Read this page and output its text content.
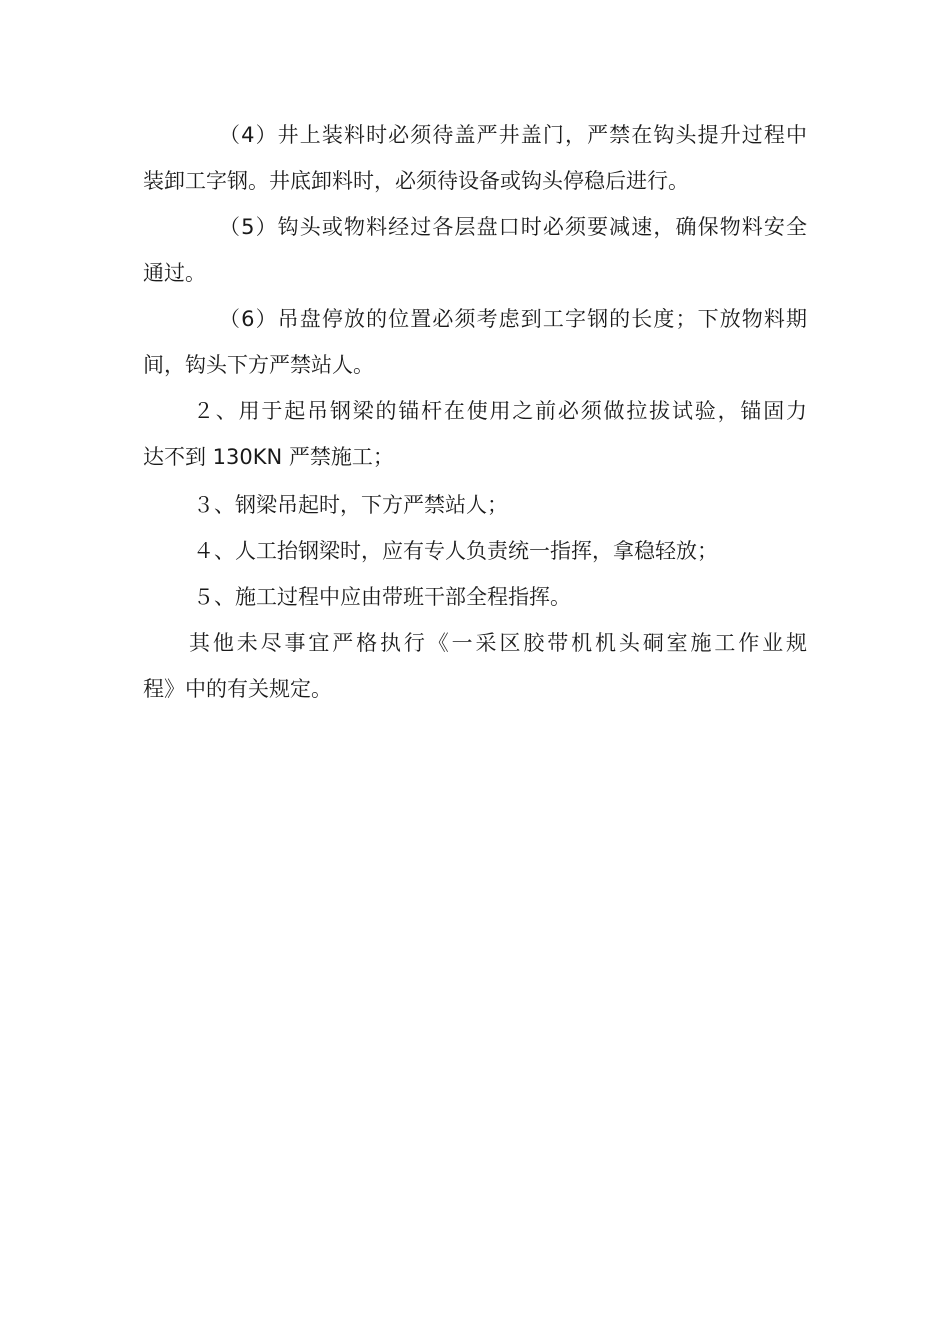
（4）井上装料时必须待盖严井盖门，严禁在钩头提升过程中
装卸工字钢。井底卸料时，必须待设备或钩头停稳后进行。
（5）钩头或物料经过各层盘口时必须要减速，确保物料安全
通过。
（6）吊盘停放的位置必须考虑到工字钢的长度；下放物料期
间，钩头下方严禁站人。
２、用于起吊钢梁的锚杆在使用之前必须做拉拔试验，锚固力
达不到 130KN 严禁施工；
３、钢梁吊起时，下方严禁站人；
４、人工抬钢梁时，应有专人负责统一指挥，拿稳轻放；
５、施工过程中应由带班干部全程指挥。
其他未尽事宜严格执行《一采区胶带机机头硐室施工作业规
程》中的有关规定。
